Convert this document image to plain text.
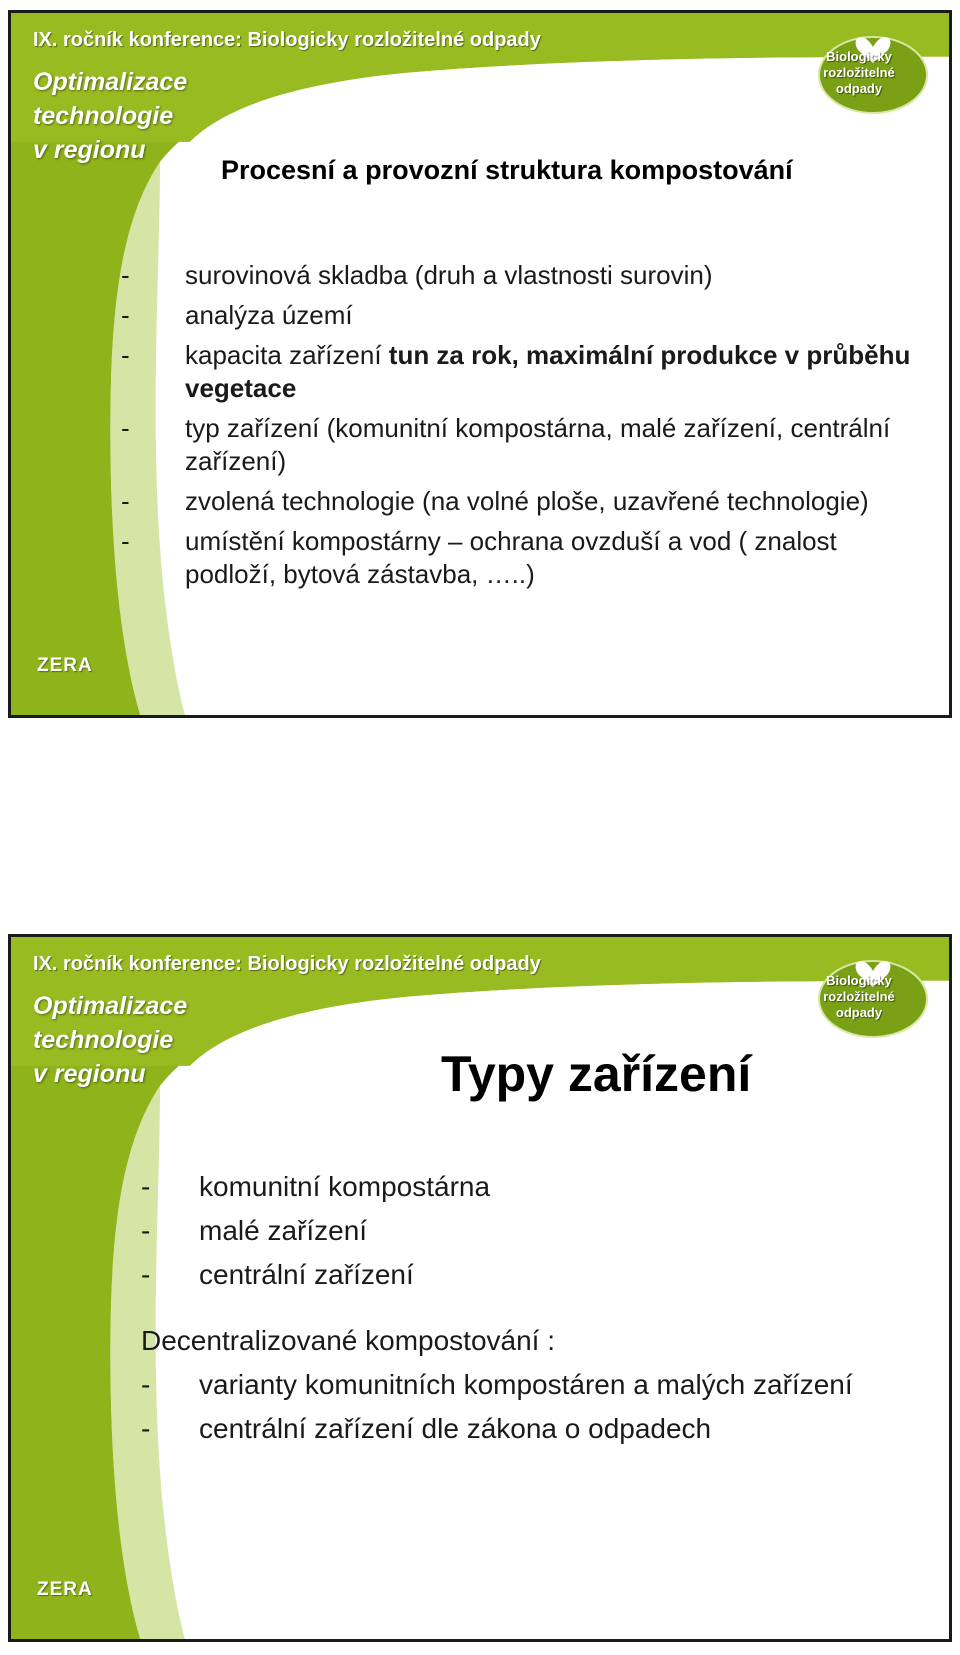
IX. ročník konference: Biologicky rozložitelné odpady
Optimalizace
technologie
v regionu
Biologicky
rozložitelné
odpady
ZERA
Procesní a provozní struktura kompostování
-	surovinová skladba (druh a vlastnosti surovin)
-	analýza území
-	kapacita zařízení tun za rok, maximální produkce v průběhu vegetace
-	typ zařízení (komunitní kompostárna, malé zařízení, centrální zařízení)
-	zvolená technologie (na volné ploše, uzavřené technologie)
-	umístění kompostárny – ochrana ovzduší a vod ( znalost podloží, bytová zástavba, …..)
IX. ročník konference: Biologicky rozložitelné odpady
Optimalizace
technologie
v regionu
Biologicky
rozložitelné
odpady
ZERA
Typy zařízení
-	komunitní kompostárna
-	malé zařízení
-	centrální zařízení
Decentralizované kompostování :
-	varianty komunitních kompostáren a malých zařízení
-	centrální zařízení dle zákona o odpadech
